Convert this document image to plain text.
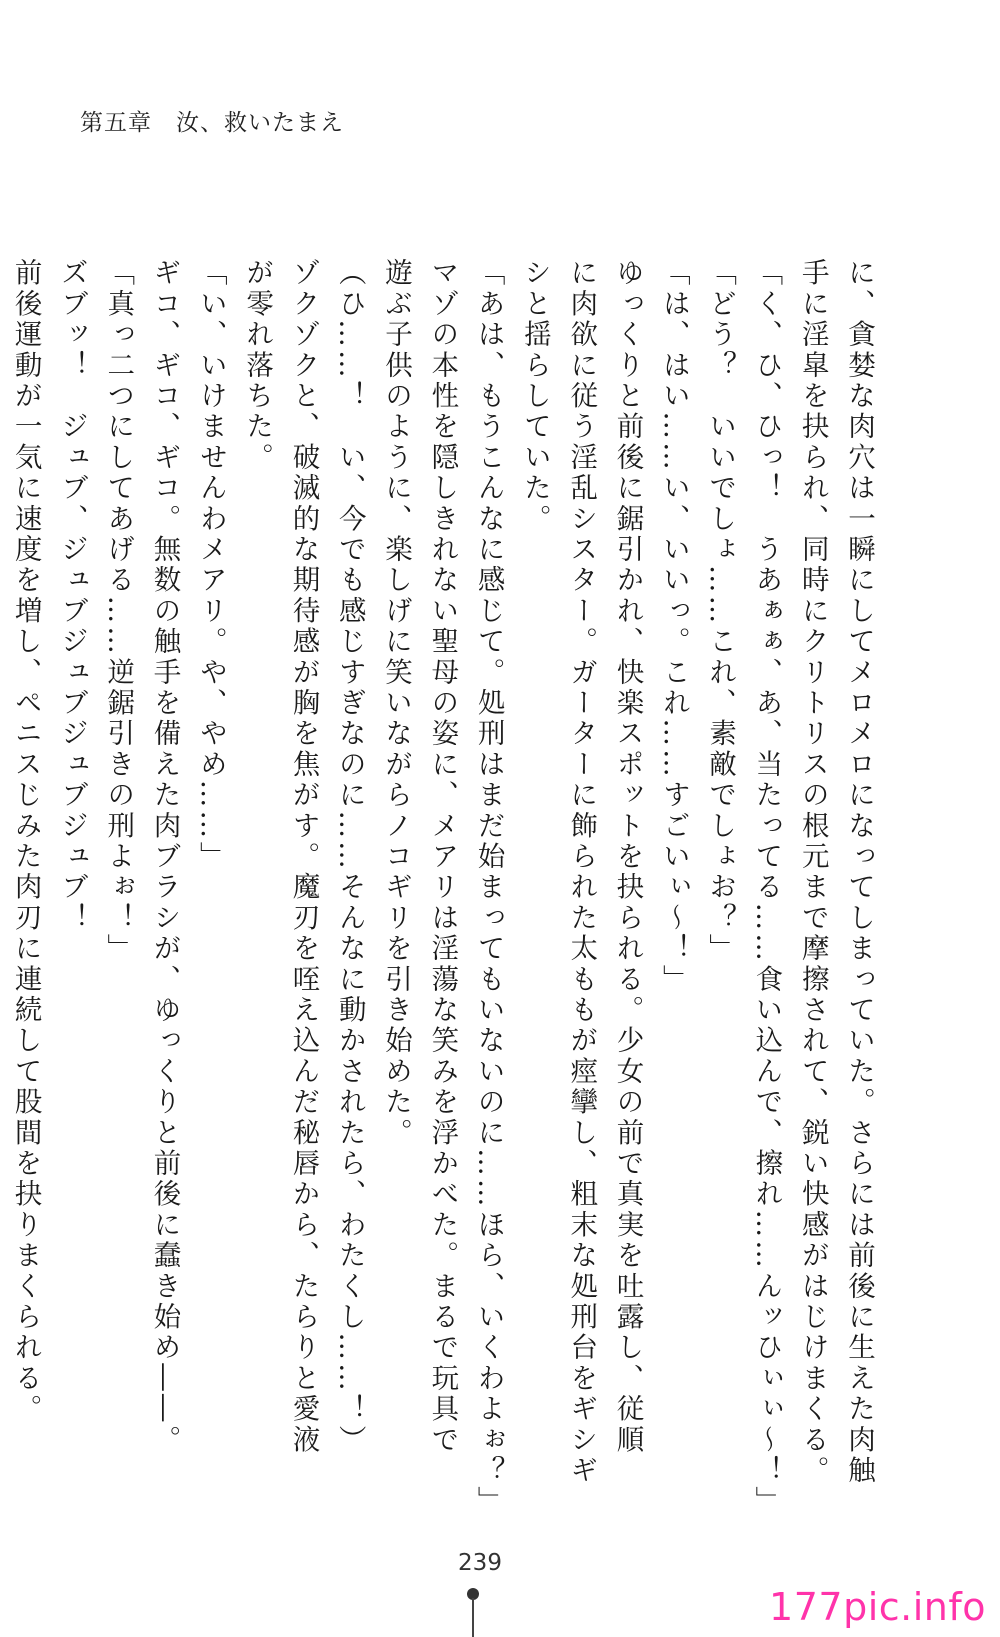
第五章　汝、救いたまえ
に、貪婪な肉穴は一瞬にしてメロメロになってしまっていた。さらには前後に生えた肉触
手に淫皐を抉られ、同時にクリトリスの根元まで摩擦されて、鋭い快感がはじけまくる。
「く、ひ、ひっ！　うあぁぁ、あ、当たってる……食い込んで、擦れ……んッひぃぃ～！」
「どう？　いいでしょ……これ、素敵でしょお？」
「は、はい……い、いいっ。これ……すごいぃ～！」
ゆっくりと前後に鋸引かれ、快楽スポットを抉られる。少女の前で真実を吐露し、従順
に肉欲に従う淫乱シスター。ガーターに飾られた太ももが痙攣し、粗末な処刑台をギシギ
シと揺らしていた。
「あは、もうこんなに感じて。処刑はまだ始まってもいないのに……ほら、いくわよぉ？」
マゾの本性を隠しきれない聖母の姿に、メアリは淫蕩な笑みを浮かべた。まるで玩具で
遊ぶ子供のように、楽しげに笑いながらノコギリを引き始めた。
（ひ……！　い、今でも感じすぎなのに……そんなに動かされたら、わたくし……！）
ゾクゾクと、破滅的な期待感が胸を焦がす。魔刃を咥え込んだ秘唇から、たらりと愛液
が零れ落ちた。
「い、いけませんわメアリ。や、やめ……」
ギコ、ギコ、ギコ。無数の触手を備えた肉ブラシが、ゆっくりと前後に蠢き始め――。
「真っ二つにしてあげる……逆鋸引きの刑よぉ！」
ズブッ！　ジュブ、ジュブジュブジュブジュブ！
前後運動が一気に速度を増し、ペニスじみた肉刃に連続して股間を抉りまくられる。
239
177pic.info
